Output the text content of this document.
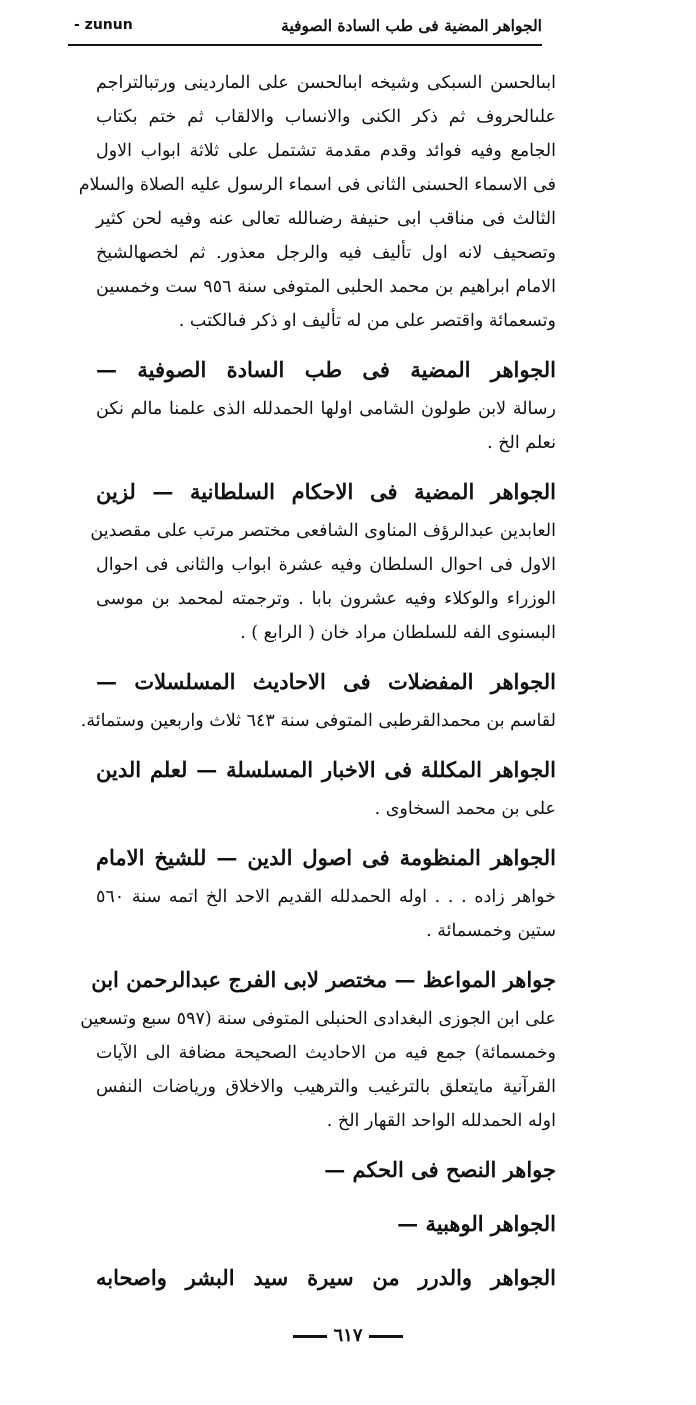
الجواهر المضية فى طب السادة الصوفية
- zunun
ابىالحسن السبكى وشيخه ابىالحسن على الماردينى ورتبالتراجم
علىالحروف ثم ذكر الكنى والانساب والالقاب ثم ختم بكتاب
الجامع وفيه فوائد وقدم مقدمة تشتمل على ثلاثة ابواب الاول
فى الاسماء الحسنى الثانى فى اسماء الرسول عليه الصلاة والسلام
الثالث فى مناقب ابى حنيفة رضىالله تعالى عنه وفيه لحن كثير
وتصحيف لانه اول تأليف فيه والرجل معذور. ثم لخصهالشيخ
الامام ابراهيم بن محمد الحلبى المتوفى سنة ٩٥٦ ست وخمسين
وتسعمائة واقتصر على من له تأليف او ذكر فىالكتب .
الجواهر المضية فى طب السادة الصوفية —
رسالة لابن طولون الشامى اولها الحمدلله الذى علمنا مالم نكن
نعلم الخ .
الجواهر المضية فى الاحكام السلطانية — لزين
العابدين عبدالرؤف المناوى الشافعى مختصر مرتب على مقصدين
الاول فى احوال السلطان وفيه عشرة ابواب والثانى فى احوال
الوزراء والوكلاء وفيه عشرون بابا . وترجمته لمحمد بن موسى
البسنوى الفه للسلطان مراد خان ( الرابع ) .
الجواهر المفضلات فى الاحاديث المسلسلات —
لقاسم بن محمدالقرطبى المتوفى سنة ٦٤٣ ثلاث واربعين وستمائة.
الجواهر المكللة فى الاخبار المسلسلة — لعلم الدين
على بن محمد السخاوى .
الجواهر المنظومة فى اصول الدين — للشيخ الامام
خواهر زاده . . . اوله الحمدلله القديم الاحد الخ اتمه سنة ٥٦٠
ستين وخمسمائة .
جواهر المواعظ — مختصر لابى الفرج عبدالرحمن ابن
على ابن الجوزى البغدادى الحنبلى المتوفى سنة (٥٩٧ سبع وتسعين
وخمسمائة) جمع فيه من الاحاديث الصحيحة مضافة الى الآيات
القرآنية مايتعلق بالترغيب والترهيب والاخلاق ورياضات النفس
اوله الحمدلله الواحد القهار الخ .
جواهر النصح فى الحكم —
الجواهر الوهبية —
الجواهر والدرر من سيرة سيد البشر واصحابه
٦١٧
